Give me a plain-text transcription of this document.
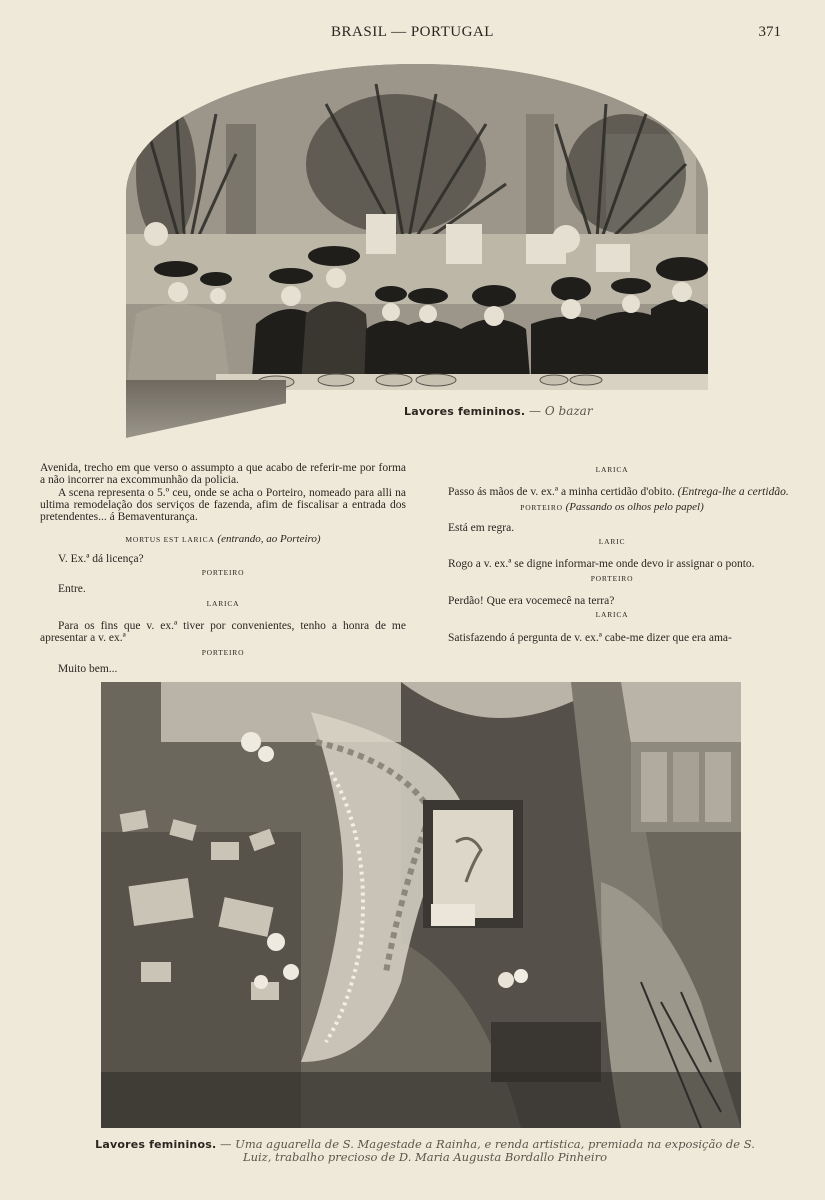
BRASIL — PORTUGAL	371
Lavores femininos. — O bazar

Avenida, trecho em que verso o assumpto a que acabo de referir-me por forma a não incorrer na excommunhão da policia.

A scena representa o 5.º ceu, onde se acha o Porteiro, nomeado para alli na ultima remodelação dos serviços de fazenda, afim de fiscalisar a entrada dos pretendentes... á Bemaventurança.

MORTUS EST LARICA (entrando, ao Porteiro)

V. Ex.ª dá licença?

PORTEIRO

Entre.

LARICA

Para os fins que v. ex.ª tiver por convenientes, tenho a honra de me apresentar a v. ex.ª

PORTEIRO

Muito bem...

LARICA

Passo ás mãos de v. ex.ª a minha certidão d'obito. (Entrega-lhe a certidão.

PORTEIRO (Passando os olhos pelo papel)

Está em regra.

LARIC

Rogo a v. ex.ª se digne informar-me onde devo ir assignar o ponto.

PORTEIRO

Perdão! Que era vocemecê na terra?

LARICA

Satisfazendo á pergunta de v. ex.ª cabe-me dizer que era ama-

Lavores femininos. — Uma aguarella de S. Magestade a Rainha, e renda artistica, premiada na exposição de S. Luiz, trabalho precioso de D. Maria Augusta Bordallo Pinheiro
